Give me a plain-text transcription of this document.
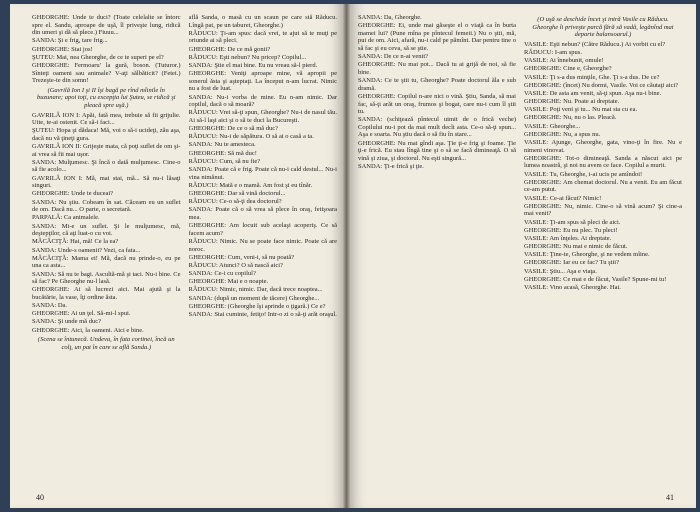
GHEORGHE: Unde te duci? (Toate celelalte se întorc spre el. Sandu, aproape de uşă, îl priveşte lung, ridică din umeri şi dă să plece.) Fiuuu...

SANDA: Şi e frig, tare frig...

GHEORGHE: Stai jos!

ŞUTEU: Mai, nea Gheorghe, de ce te superi pe el?

GHEORGHE: Fermoaru' la gură, boson. (Tuturor.) Sînteţi oameni sau animale? V-aţi sălbăticit? (Fetei.) Trezeşte-te din somn!

(Gavrilă Ion I şi II îşi bagă pe rînd mîinile în buzunare; apoi toţi, cu excepţia lui Şuteu, se ridică şi pleacă spre uşă.)

GAVRILĂ ION I: Apăi, fată mea, trebuie să fii grijulie. Uite, te-ai ostenit. Ce să-i faci...

ŞUTEU: Hopa şi dădaca! Mă, voi o să-i ucideţi, zău aşa, dacă nu vă ţineţi gura.

GAVRILĂ ION II: Grijeşte mata, că poţi suflet de om şi-ai vrea să fii mai uşor.

SANDA: Mulţumesc. Şi încă o dată mulţumesc. Cine-o să fie acolo...

GAVRILĂ ION I: Mă, mai stai, mă... Să nu-i lăsaţi singuri.

GHEORGHE: Unde te duceai?

SANDA: Nu ştiu. Cobeam în sat. Căceam eu un suflet de om. Dacă nu... O parte, o secretară.

PARPALĂ: Ca animalele.

SANDA: Mi-e un suflet. Şi le mulţumesc, mă, deştepţilor, că aţi luat-o cu voi.

MĂCĂCIŢĂ: Hai, mă! Ce la ea?

SANDA: Unde-s oamenii? Vezi, ca fata...

MĂCĂCIŢĂ: Mama ei! Mă, dacă nu prinde-o, eu pe una ca asta...

SANDA: Să nu te bagi. Ascultă-mă şi taci. Nu-i bine. Ce să fac? Pe Gheorghe nu-l lasă.

GHEORGHE: Ai să lucrezi aici. Mai ajută şi la bucătărie, la vase, îţi ordine ăsta.

SANDA: Da.

GHEORGHE: Ai un ţel. Să-mi-l spui.

SANDA: Şi unde mă duc?

GHEORGHE: Aici, la oameni. Aici e bine.

(Scena se întunecă. Undeva, în fata cortinei, încă un colţ, un pat în care se află Sanda.)

află Sanda, o masă cu un scaun pe care stă Răducu. Lîngă pat, pe un taburet, Gheorghe.)

RĂDUCU: Ţi-am spus: dacă vrei, te ajut să te muţi pe oriunde ai să pleci.

GHEORGHE: De ce mă gonii?

RĂDUCU: Eşti nebun? Nu pricep? Copilul...

SANDA: Ştie el mai bine. Eu nu vreau să-l pierd.

GHEORGHE: Veniţi aproape mine, vă apropii pe sonerul ăsta şi aşteptaţi. La început n-am lucrat. Nimic nu a fost de luat.

SANDA: Nu-i vorba de mine. Eu n-am nimic. Dar copilul, dacă o să moară?

RĂDUCU: Vrei să-ţi spun, Gheorghe? Nu-i de nasul tău. Ai să-l laşi aici şi o să te duci la Bucureşti.

GHEORGHE: De ce o să mă duc?

RĂDUCU: Nu-i de săpătura. O să ai o casă a ta.

SANDA: Nu te amesteca.

GHEORGHE: Să mă duc!

RĂDUCU: Cum, să nu fie?

SANDA: Poate că e frig. Poate că nu-i cald destul... Nu-i vina nimănui.

RĂDUCU: Mată e o mamă. Am fost şi eu tînăr.

GHEORGHE: Dar să vină doctorul...

RĂDUCU: Ce-o să-ţi dea doctorul?

SANDA: Poate că o să vrea să plece în oraş, fetişoara mea.

GHEORGHE: Am locuit sub acelaşi acoperiş. Ce să facem acum?

RĂDUCU: Nimic. Nu se poate face nimic. Poate că are noroc.

GHEORGHE: Cum, veni-i, să nu poată?

RĂDUCU: Atunci? O să nască aici?

SANDA: Ce-i cu copilul?

GHEORGHE: Mai e o noapte.

RĂDUCU: Nimic, nimic. Dar, dacă trece noaptea...

SANDA: (după un moment de tăcere) Gheorghe...

GHEORGHE: (Gheorghe îşi aprinde o ţigară.) Ce e?

SANDA: Stai cuminte, fetiţo! Intr-o zi o să-ţi arăt oraşul.

40

SANDA: Da, Gheorghe.

GHEORGHE: Ei, unde mai găseşte el o viaţă ca în burta mamei lui? (Pune mîna pe pîntecul femeii.) Nu o ştii, mă, pui de om. Aici, afară, nu-i cald pe pămînt. Dar pentru tine o să fac şi eu ceva, să se ştie.

SANDA: De ce n-ai venit?

GHEORGHE: Nu mai pot... Dacă tu ai grijă de noi, să fie bine.

SANDA: Ce te ştii tu, Gheorghe? Poate doctorul ăla e sub dramă.

GHEORGHE: Copilul n-are nici o vină. Ştiu, Sanda, să mai fac, să-ţi arăt un oraş, frumos şi bogat, care nu-i cum îl ştii tu.

SANDA: (schiţează pîntecul uimit de o frică veche) Copilului nu-i pot da mai mult decît asta. Ce-o să-ţi spun... Aşa e soarta. Nu ştiu dacă o să fiu în stare...

GHEORGHE: Nu mai gîndi aşa. Ţie ţi-e frig şi foame. Ţie ţi-e frică. Eu stau lîngă tine şi o să se facă dimineaţă. O să vină şi ziua, şi doctorul. Nu eşti singură...

SANDA: Ţi-e frică şi ţie.

(O uşă se deschide încet şi intră Vasile cu Răducu. Gheorghe îi priveşte parcă fără să vadă, legănînd mai departe balansoarul.)

VASILE: Eşti nebun? (Către Răducu.) Ai vorbit cu el?

RĂDUCU: I-am spus.

VASILE: Ai înnebunit, omule!

GHEORGHE: Cine e, Gheorghe?

VASILE: Ţi s-a dus minţile, Ghe. Ţi s-a dus. De ce?

GHEORGHE: (încet) Nu dormi, Vasile. Voi ce căutaţi aici?

VASILE: De asta am venit, să-ţi spun. Aşa nu-i bine.

GHEORGHE: Nu. Poate ai dreptate.

VASILE: Poţi veni şi tu... Nu mai sta cu ea.

GHEORGHE: Nu, nu o las. Pleacă.

VASILE: Gheorghe...

GHEORGHE: Nu, a spus nu.

VASILE: Ajunge, Gheorghe, gata, vino-ţi în fire. Nu e nimeni vinovat.

GHEORGHE: Tot-o dimineaţă. Sanda a născut aici pe lumea noastră, şi noi nu avem ce face. Copilul a murit.

VASILE: Tu, Gheorghe, i-ai ucis pe amîndoi!

GHEORGHE: Am chemat doctorul. Nu a venit. Eu am făcut ce-am putut.

VASILE: Ce-ai făcut? Nimic!

GHEORGHE: Nu, nimic. Cine-o să vină acum? Şi cine-a mai venit?

VASILE: Ţi-am spus să pleci de aici.

GHEORGHE: Eu nu plec. Tu pleci!

VASILE: Am înţeles. Ai dreptate.

GHEORGHE: Nu mai e nimic de făcut.

VASILE: Ţine-te, Gheorghe, şi ne vedem mîine.

GHEORGHE: Iar eu ce fac? Tu ştii?

VASILE: Ştiu... Aşa e viaţa.

GHEORGHE: Ce mai e de făcut, Vasile? Spune-mi tu!

VASILE: Vino acasă, Gheorghe. Hai.

41
